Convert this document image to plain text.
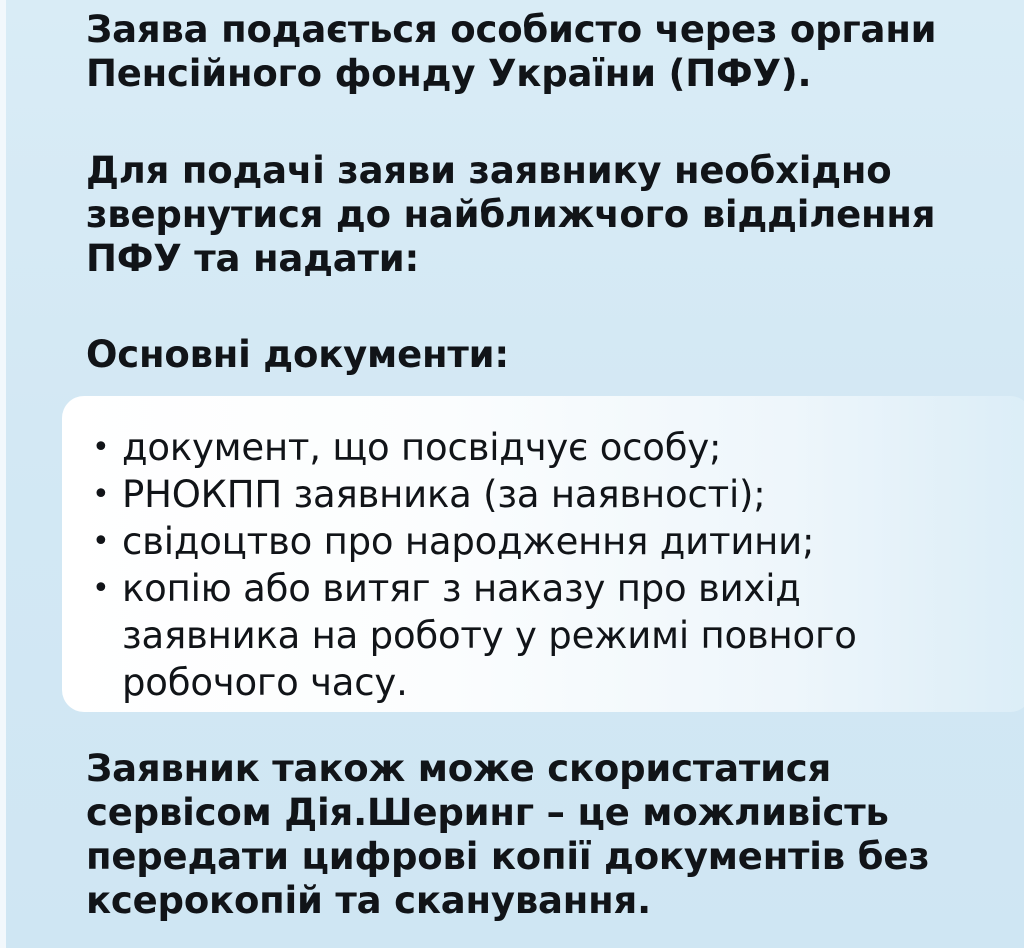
Заява подається особисто через органи Пенсійного фонду України (ПФУ).

Для подачі заяви заявнику необхідно звернутися до найближчого відділення ПФУ та надати:

Основні документи:

Заявник також може скористатися сервісом Дія.Шеринг – це можливість передати цифрові копії документів без ксерокопій та сканування.

• документ, що посвідчує особу;
• РНОКПП заявника (за наявності);
• свідоцтво про народження дитини;
• копію або витяг з наказу про вихід заявника на роботу у режимі повного робочого часу.
